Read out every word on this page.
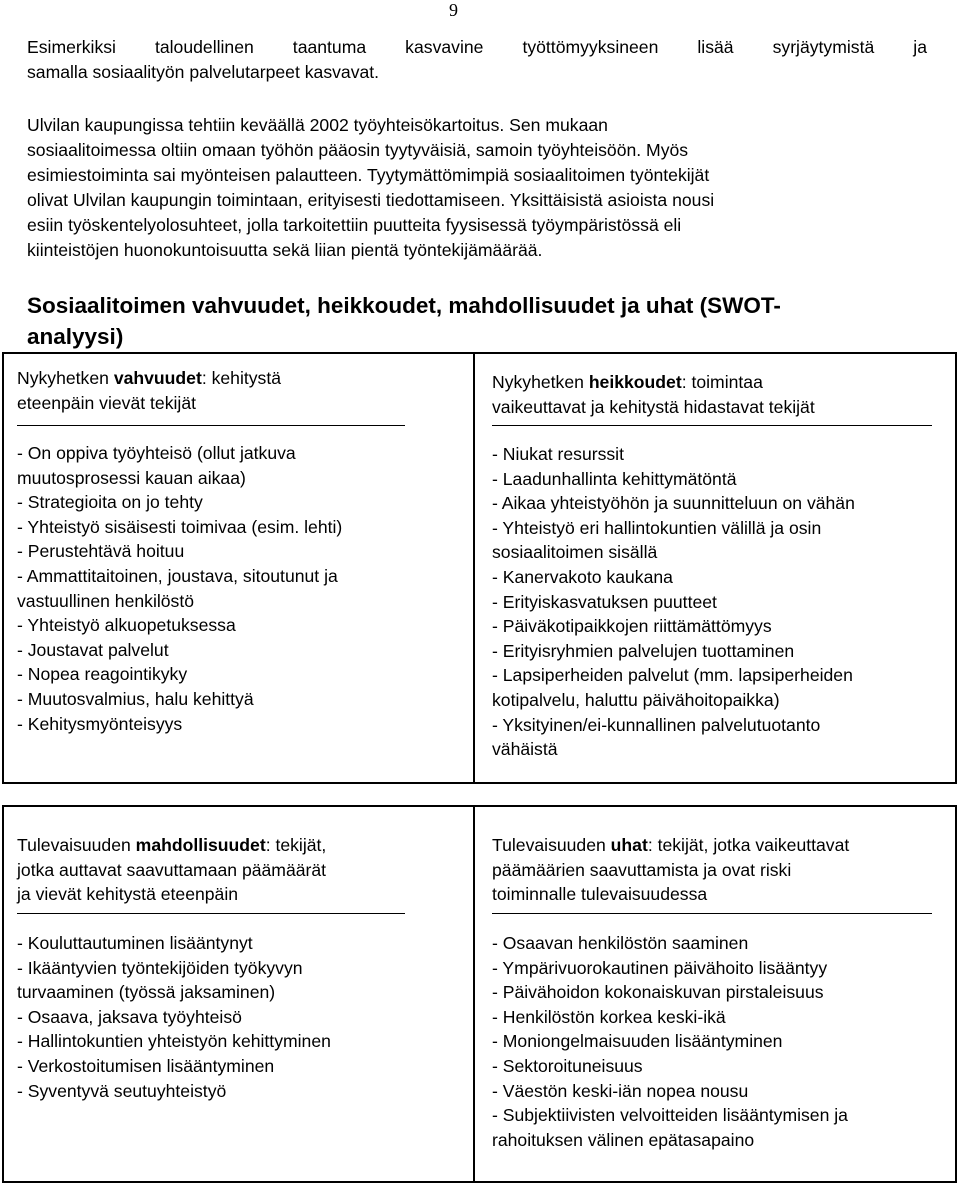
9
Esimerkiksi taloudellinen taantuma kasvavine työttömyyksineen lisää syrjäytymistä ja
samalla sosiaalityön palvelutarpeet kasvavat.
Ulvilan kaupungissa tehtiin keväällä 2002 työyhteisökartoitus. Sen mukaan
sosiaalitoimessa oltiin omaan työhön pääosin tyytyväisiä, samoin työyhteisöön. Myös
esimiestoiminta sai myönteisen palautteen. Tyytymättömimpiä sosiaalitoimen työntekijät
olivat Ulvilan kaupungin toimintaan, erityisesti tiedottamiseen. Yksittäisistä asioista nousi
esiin työskentelyolosuhteet, jolla tarkoitettiin puutteita fyysisessä työympäristössä eli
kiinteistöjen huonokuntoisuutta sekä liian pientä työntekijämäärää.
Sosiaalitoimen vahvuudet, heikkoudet, mahdollisuudet ja uhat (SWOT-
analyysi)
Nykyhetken vahvuudet: kehitystä
eteenpäin vievät tekijät
- On oppiva työyhteisö (ollut jatkuva
muutosprosessi kauan aikaa)
- Strategioita on jo tehty
- Yhteistyö sisäisesti toimivaa (esim. lehti)
- Perustehtävä hoituu
- Ammattitaitoinen, joustava, sitoutunut ja
vastuullinen henkilöstö
- Yhteistyö alkuopetuksessa
- Joustavat palvelut
- Nopea reagointikyky
- Muutosvalmius, halu kehittyä
- Kehitysmyönteisyys
Nykyhetken heikkoudet: toimintaa
vaikeuttavat ja kehitystä hidastavat tekijät
- Niukat resurssit
- Laadunhallinta kehittymätöntä
- Aikaa yhteistyöhön ja suunnitteluun on vähän
- Yhteistyö eri hallintokuntien välillä ja osin
sosiaalitoimen sisällä
- Kanervakoto kaukana
- Erityiskasvatuksen puutteet
- Päiväkotipaikkojen riittämättömyys
- Erityisryhmien palvelujen tuottaminen
- Lapsiperheiden palvelut (mm. lapsiperheiden
kotipalvelu, haluttu päivähoitopaikka)
- Yksityinen/ei-kunnallinen palvelutuotanto
vähäistä
Tulevaisuuden mahdollisuudet: tekijät,
jotka auttavat saavuttamaan päämäärät
ja vievät kehitystä eteenpäin
- Kouluttautuminen lisääntynyt
- Ikääntyvien työntekijöiden työkyvyn
turvaaminen (työssä jaksaminen)
- Osaava, jaksava työyhteisö
- Hallintokuntien yhteistyön kehittyminen
- Verkostoitumisen lisääntyminen
- Syventyvä seutuyhteistyö
Tulevaisuuden uhat: tekijät, jotka vaikeuttavat
päämäärien saavuttamista ja ovat riski
toiminnalle tulevaisuudessa
- Osaavan henkilöstön saaminen
- Ympärivuorokautinen päivähoito lisääntyy
- Päivähoidon kokonaiskuvan pirstaleisuus
- Henkilöstön korkea keski-ikä
- Moniongelmaisuuden lisääntyminen
- Sektoroituneisuus
- Väestön keski-iän nopea nousu
- Subjektiivisten velvoitteiden lisääntymisen ja
rahoituksen välinen epätasapaino
